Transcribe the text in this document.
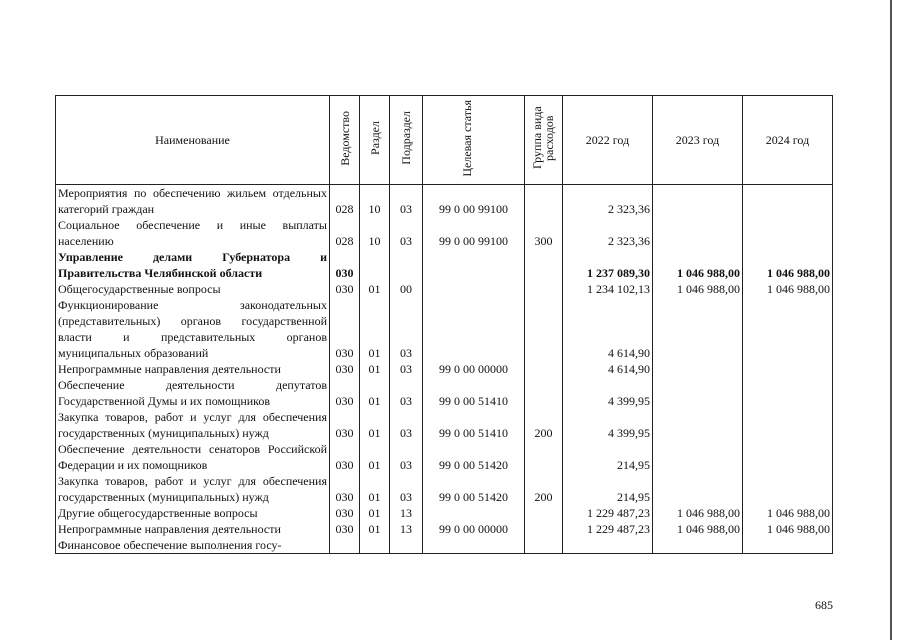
Наименование	Ведомство	Раздел	Подраздел	Целевая статья	Группа вида расходов	2022 год	2023 год	2024 год
Мероприятия по обеспечению жильем отдельных категорий граждан	028	10	03	99 0 00 99100		2 323,36		
Социальное обеспечение и иные выплаты населению	028	10	03	99 0 00 99100	300	2 323,36		
Управление делами Губернатора и Правительства Челябинской области	030					1 237 089,30	1 046 988,00	1 046 988,00
Общегосударственные вопросы	030	01	00			1 234 102,13	1 046 988,00	1 046 988,00
Функционирование законодательных (представительных) органов государственной власти и представительных органов муниципальных образований	030	01	03			4 614,90		
Непрограммные направления деятельности	030	01	03	99 0 00 00000		4 614,90		
Обеспечение деятельности депутатов Государственной Думы и их помощников	030	01	03	99 0 00 51410		4 399,95		
Закупка товаров, работ и услуг для обеспечения государственных (муниципальных) нужд	030	01	03	99 0 00 51410	200	4 399,95		
Обеспечение деятельности сенаторов Российской Федерации и их помощников	030	01	03	99 0 00 51420		214,95		
Закупка товаров, работ и услуг для обеспечения государственных (муниципальных) нужд	030	01	03	99 0 00 51420	200	214,95		
Другие общегосударственные вопросы	030	01	13			1 229 487,23	1 046 988,00	1 046 988,00
Непрограммные направления деятельности	030	01	13	99 0 00 00000		1 229 487,23	1 046 988,00	1 046 988,00
Финансовое обеспечение выполнения госу-								
685
